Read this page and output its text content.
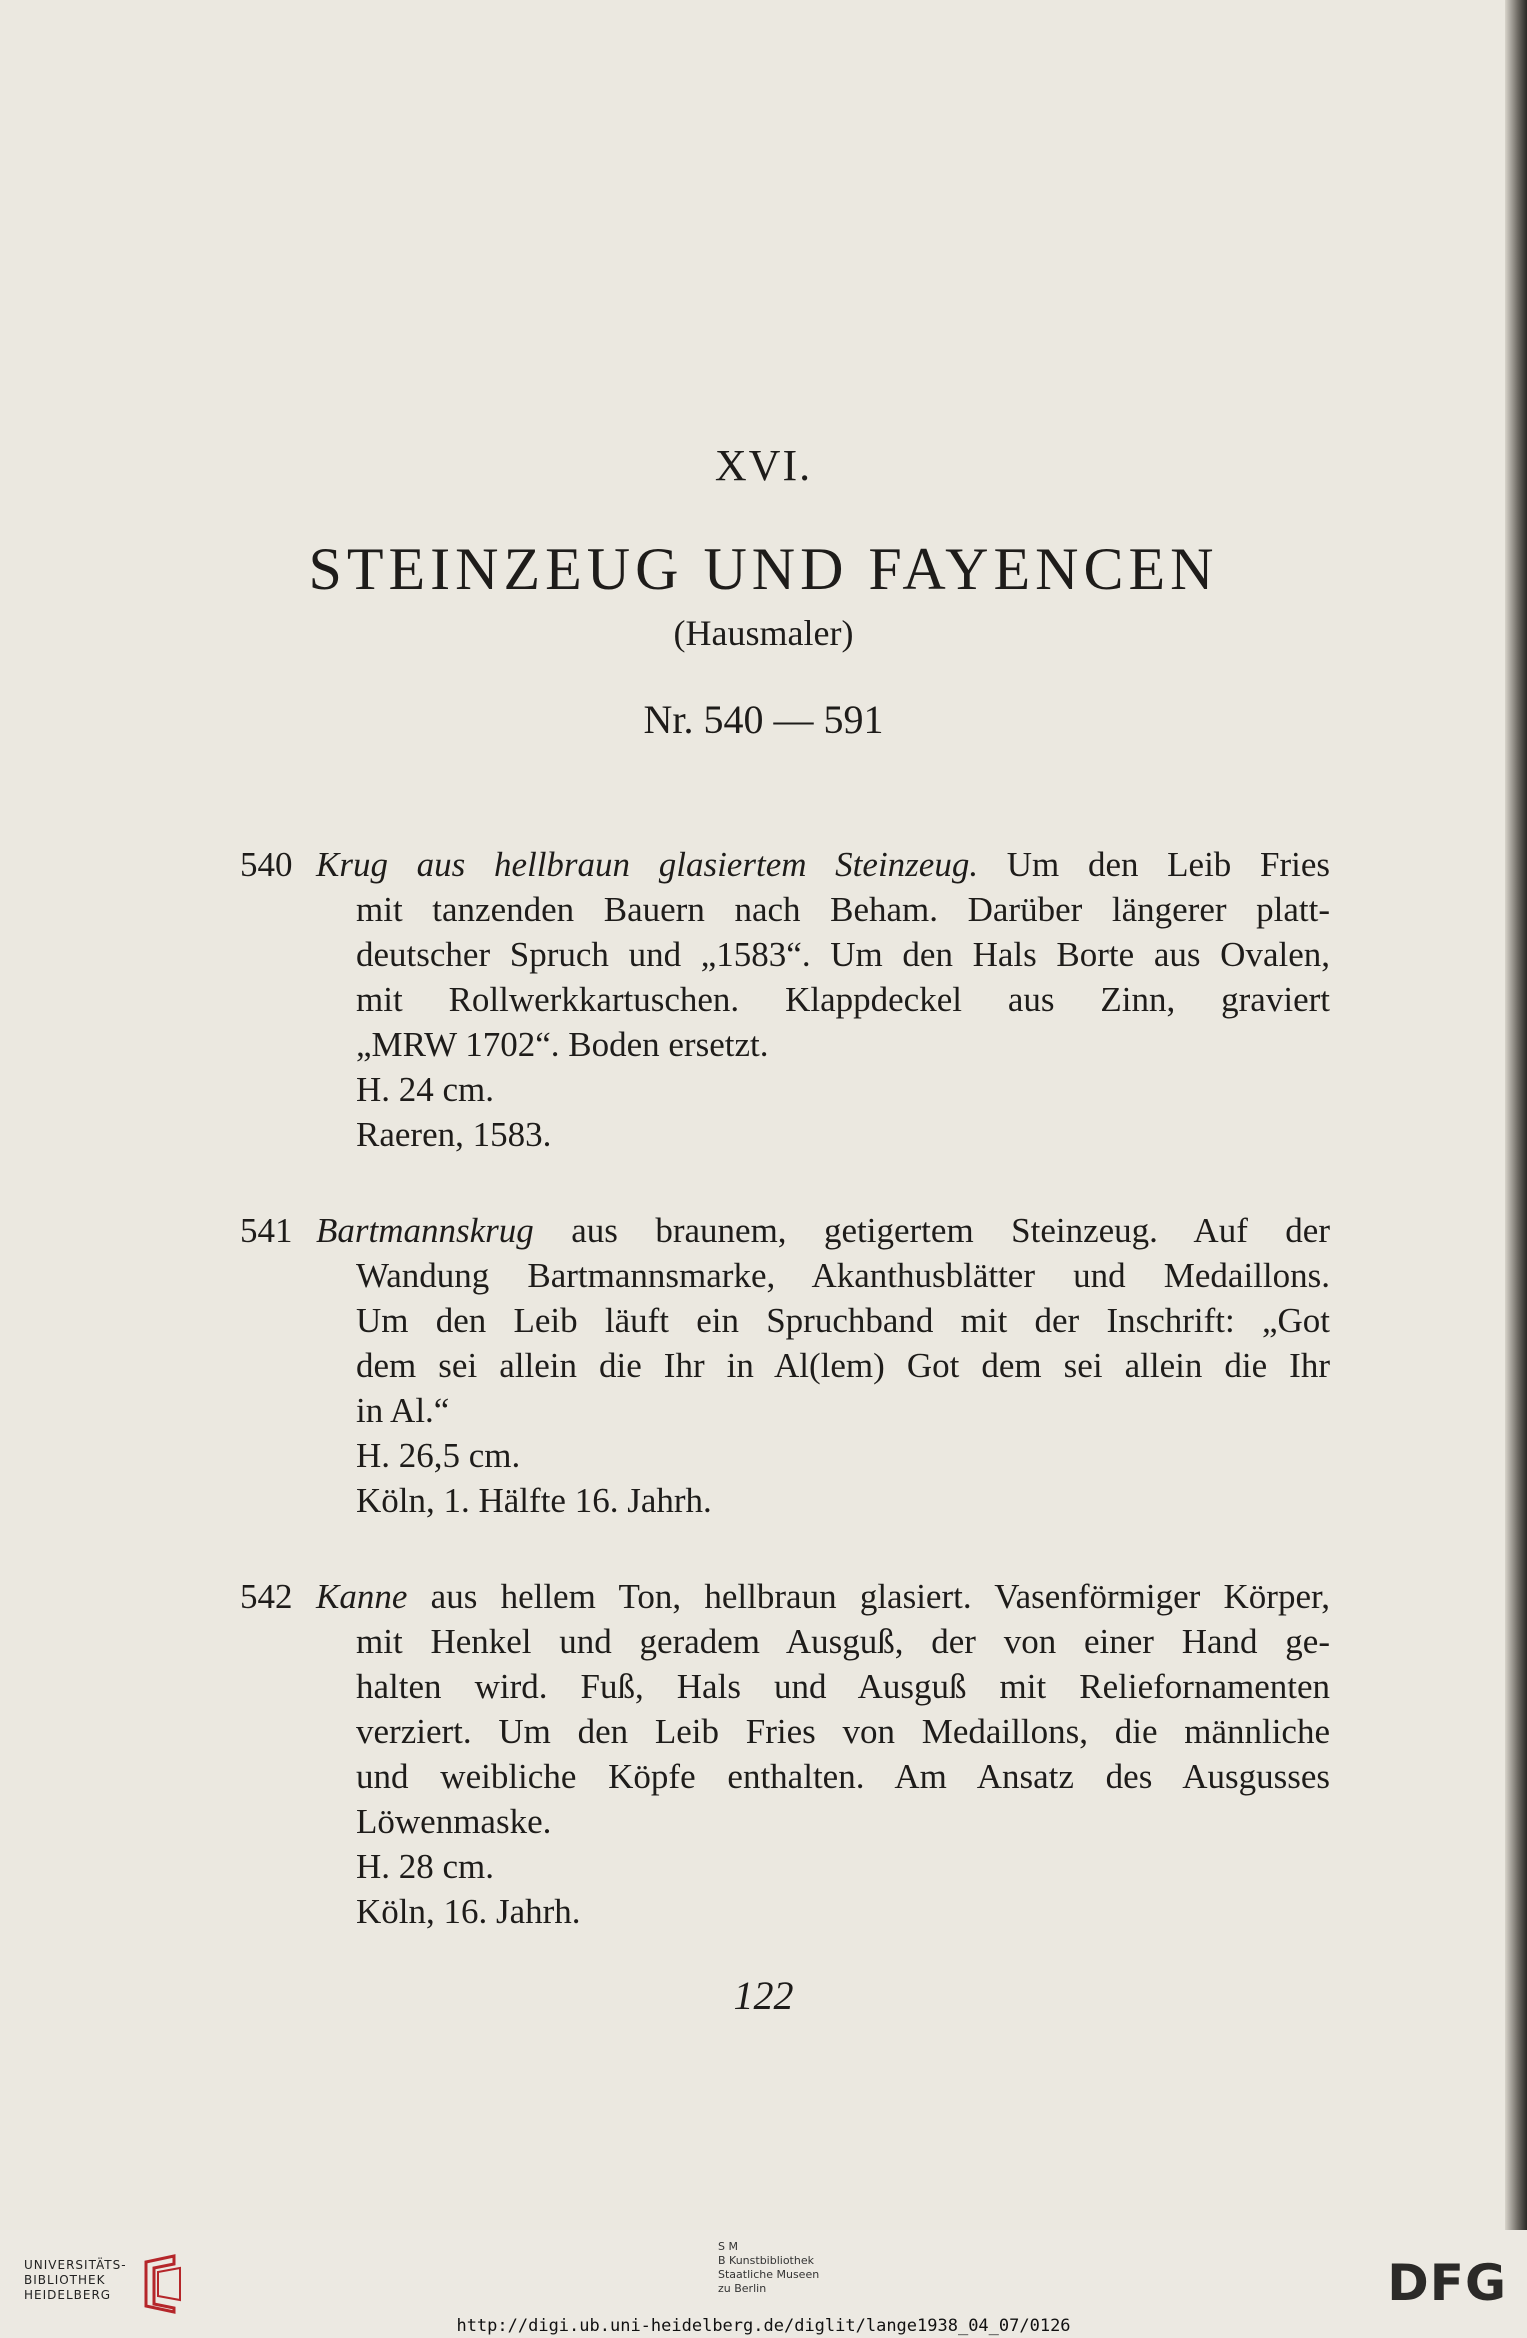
XVI.
STEINZEUG UND FAYENCEN
(Hausmaler)
Nr. 540 — 591
540 Krug aus hellbraun glasiertem Steinzeug. Um den Leib Fries
mit tanzenden Bauern nach Beham. Darüber längerer platt-
deutscher Spruch und „1583“. Um den Hals Borte aus Ovalen,
mit Rollwerkkartuschen. Klappdeckel aus Zinn, graviert
„MRW 1702“. Boden ersetzt.
H. 24 cm.
Raeren, 1583.
541 Bartmannskrug aus braunem, getigertem Steinzeug. Auf der
Wandung Bartmannsmarke, Akanthusblätter und Medaillons.
Um den Leib läuft ein Spruchband mit der Inschrift: „Got
dem sei allein die Ihr in Al(lem) Got dem sei allein die Ihr
in Al.“
H. 26,5 cm.
Köln, 1. Hälfte 16. Jahrh.
542 Kanne aus hellem Ton, hellbraun glasiert. Vasenförmiger Körper,
mit Henkel und geradem Ausguß, der von einer Hand ge-
halten wird. Fuß, Hals und Ausguß mit Reliefornamenten
verziert. Um den Leib Fries von Medaillons, die männliche
und weibliche Köpfe enthalten. Am Ansatz des Ausgusses
Löwenmaske.
H. 28 cm.
Köln, 16. Jahrh.
122
UNIVERSITÄTS-
BIBLIOTHEK
HEIDELBERG
S M
B Kunstbibliothek
Staatliche Museen
zu Berlin	DFG
http://digi.ub.uni-heidelberg.de/diglit/lange1938_04_07/0126
